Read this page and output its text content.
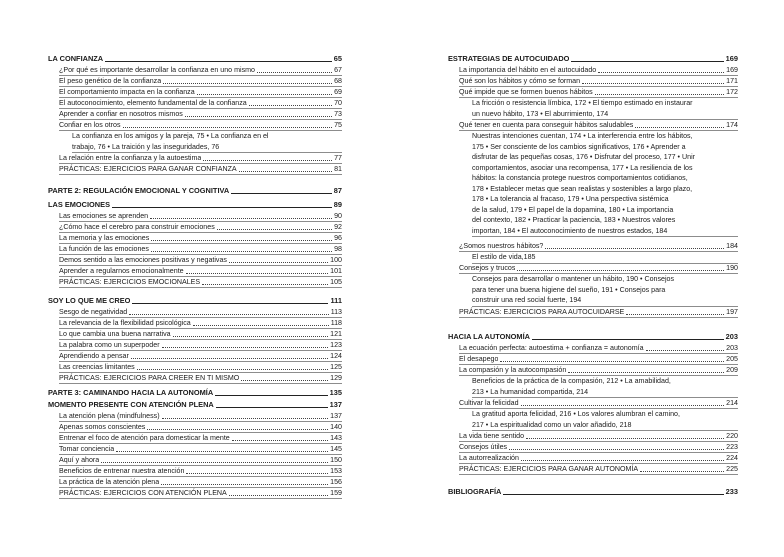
LA CONFIANZA	65
¿Por qué es importante desarrollar la confianza en uno mismo	67
El peso genético de la confianza	68
El comportamiento impacta en la confianza	69
El autoconocimiento, elemento fundamental de la confianza	70
Aprender a confiar en nosotros mismos	73
Confiar en los otros	75
La confianza en los amigos y la pareja, 75 • La confianza en el
trabajo, 76 • La traición y las inseguridades, 76
La relación entre la confianza y la autoestima	77
PRÁCTICAS: EJERCICIOS PARA GANAR CONFIANZA	81
PARTE 2: REGULACIÓN EMOCIONAL Y COGNITIVA	87
LAS EMOCIONES	89
Las emociones se aprenden	90
¿Cómo hace el cerebro para construir emociones	92
La memoria y las emociones	96
La función de las emociones	98
Demos sentido a las emociones positivas y negativas	100
Aprender a regularnos emocionalmente	101
PRÁCTICAS: EJERCICIOS EMOCIONALES	105
SOY LO QUE ME CREO	111
Sesgo de negatividad	113
La relevancia de la flexibilidad psicológica	118
Lo que cambia una buena narrativa	121
La palabra como un superpoder	123
Aprendiendo a pensar	124
Las creencias limitantes	125
PRÁCTICAS: EJERCICIOS PARA CREER EN TI MISMO	129
PARTE 3: CAMINANDO HACIA LA AUTONOMÍA	135
MOMENTO PRESENTE CON ATENCIÓN PLENA	137
La atención plena (mindfulness)	137
Apenas somos conscientes	140
Entrenar el foco de atención para domesticar la mente	143
Tomar conciencia	145
Aquí y ahora	150
Beneficios de entrenar nuestra atención	153
La práctica de la atención plena	156
PRÁCTICAS: EJERCICIOS CON ATENCIÓN PLENA	159
ESTRATEGIAS DE AUTOCUIDADO	169
La importancia del hábito en el autocuidado	169
Qué son los hábitos y cómo se forman	171
Qué impide que se formen buenos hábitos	172
La fricción o resistencia límbica, 172 • El tiempo estimado en instaurar
un nuevo hábito, 173 • El aburrimiento, 174
Qué tener en cuenta para conseguir hábitos saludables	174
Nuestras intenciones cuentan, 174 • La interferencia entre los hábitos,
175 • Ser consciente de los cambios significativos, 176 • Aprender a
disfrutar de las pequeñas cosas, 176 • Disfrutar del proceso, 177 • Unir
comportamientos, asociar una recompensa, 177 • La resiliencia de los
hábitos: la constancia protege nuestros comportamientos cotidianos,
178 • Establecer metas que sean realistas y sostenibles a largo plazo,
178 • La tolerancia al fracaso, 179 • Una perspectiva sistémica
de la salud, 179 • El papel de la dopamina, 180 • La importancia
del contexto, 182 • Practicar la paciencia, 183 • Nuestros valores
importan, 184 • El autoconocimiento de nuestros estados, 184
¿Somos nuestros hábitos?	184
El estilo de vida,185
Consejos y trucos	190
Consejos para desarrollar o mantener un hábito, 190 • Consejos
para tener una buena higiene del sueño, 191 • Consejos para
construir una red social fuerte, 194
PRÁCTICAS: EJERCICIOS PARA AUTOCUIDARSE	197
HACIA LA AUTONOMÍA	203
La ecuación perfecta: autoestima + confianza = autonomía	203
El desapego	205
La compasión y la autocompasión	209
Beneficios de la práctica de la compasión, 212 • La amabilidad,
213 • La humanidad compartida, 214
Cultivar la felicidad	214
La gratitud aporta felicidad, 216 • Los valores alumbran el camino,
217 • La espiritualidad como un valor añadido, 218
La vida tiene sentido	220
Consejos útiles	223
La autorrealización	224
PRÁCTICAS: EJERCICIOS PARA GANAR AUTONOMÍA	225
BIBLIOGRAFÍA	233
